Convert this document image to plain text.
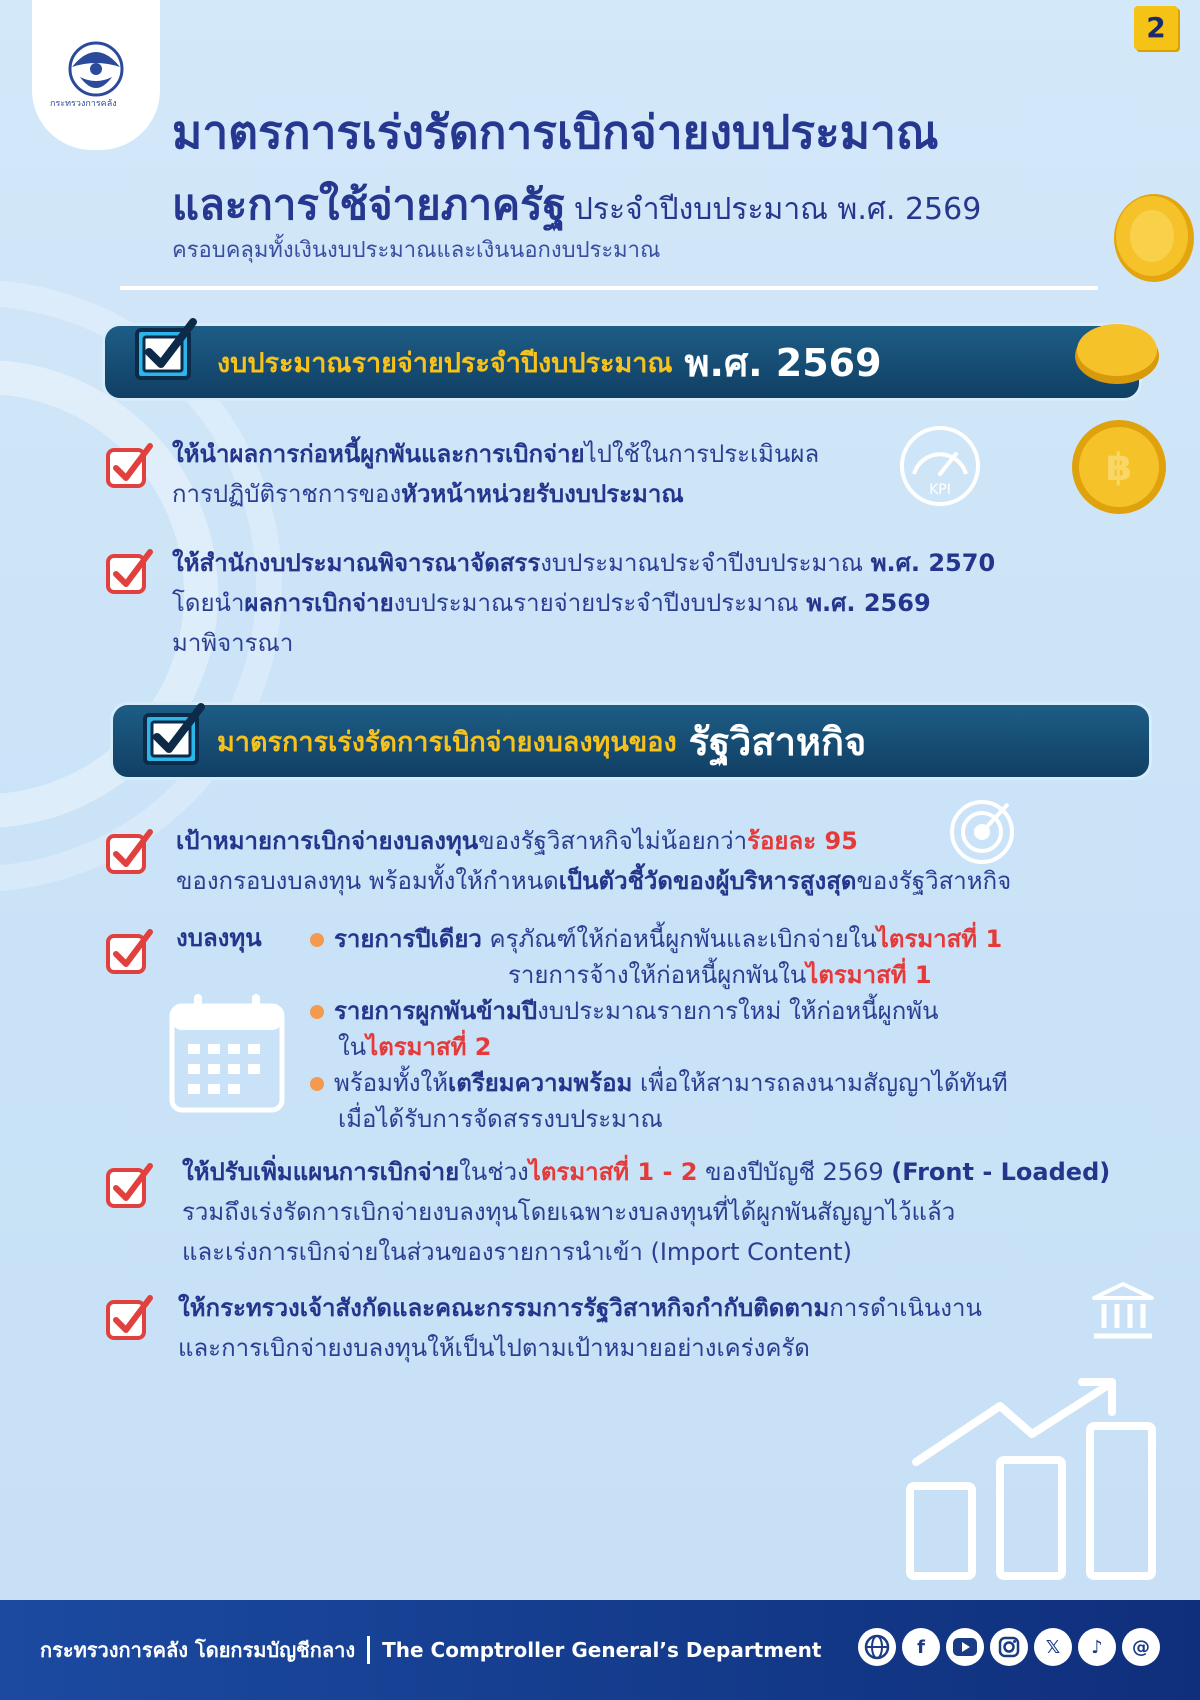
กระทรวงการคลัง
2
มาตรการเร่งรัดการเบิกจ่ายงบประมาณ
และการใช้จ่ายภาครัฐ ประจำปีงบประมาณ พ.ศ. 2569
ครอบคลุมทั้งเงินงบประมาณและเงินนอกงบประมาณ
งบประมาณรายจ่ายประจำปีงบประมาณ พ.ศ. 2569
ให้นำผลการก่อหนี้ผูกพันและการเบิกจ่ายไปใช้ในการประเมินผล
การปฏิบัติราชการของหัวหน้าหน่วยรับงบประมาณ	KPI
฿
ให้สำนักงบประมาณพิจารณาจัดสรรงบประมาณประจำปีงบประมาณ พ.ศ. 2570
โดยนำผลการเบิกจ่ายงบประมาณรายจ่ายประจำปีงบประมาณ พ.ศ. 2569
มาพิจารณา
มาตรการเร่งรัดการเบิกจ่ายงบลงทุนของ รัฐวิสาหกิจ
เป้าหมายการเบิกจ่ายงบลงทุนของรัฐวิสาหกิจไม่น้อยกว่าร้อยละ 95
ของกรอบงบลงทุน พร้อมทั้งให้กำหนดเป็นตัวชี้วัดของผู้บริหารสูงสุดของรัฐวิสาหกิจ
งบลงทุน	รายการปีเดียว ครุภัณฑ์ให้ก่อหนี้ผูกพันและเบิกจ่ายในไตรมาสที่ 1
รายการจ้างให้ก่อหนี้ผูกพันในไตรมาสที่ 1
รายการผูกพันข้ามปีงบประมาณรายการใหม่ ให้ก่อหนี้ผูกพัน
ในไตรมาสที่ 2
พร้อมทั้งให้เตรียมความพร้อม เพื่อให้สามารถลงนามสัญญาได้ทันที
เมื่อได้รับการจัดสรรงบประมาณ
ให้ปรับเพิ่มแผนการเบิกจ่ายในช่วงไตรมาสที่ 1 - 2 ของปีบัญชี 2569 (Front - Loaded)
รวมถึงเร่งรัดการเบิกจ่ายงบลงทุนโดยเฉพาะงบลงทุนที่ได้ผูกพันสัญญาไว้แล้ว
และเร่งการเบิกจ่ายในส่วนของรายการนำเข้า (Import Content)
ให้กระทรวงเจ้าสังกัดและคณะกรรมการรัฐวิสาหกิจกำกับติดตามการดำเนินงาน
และการเบิกจ่ายงบลงทุนให้เป็นไปตามเป้าหมายอย่างเคร่งครัด
กระทรวงการคลัง โดยกรมบัญชีกลาง The Comptroller General’s Department	f	𝕏	♪	@
